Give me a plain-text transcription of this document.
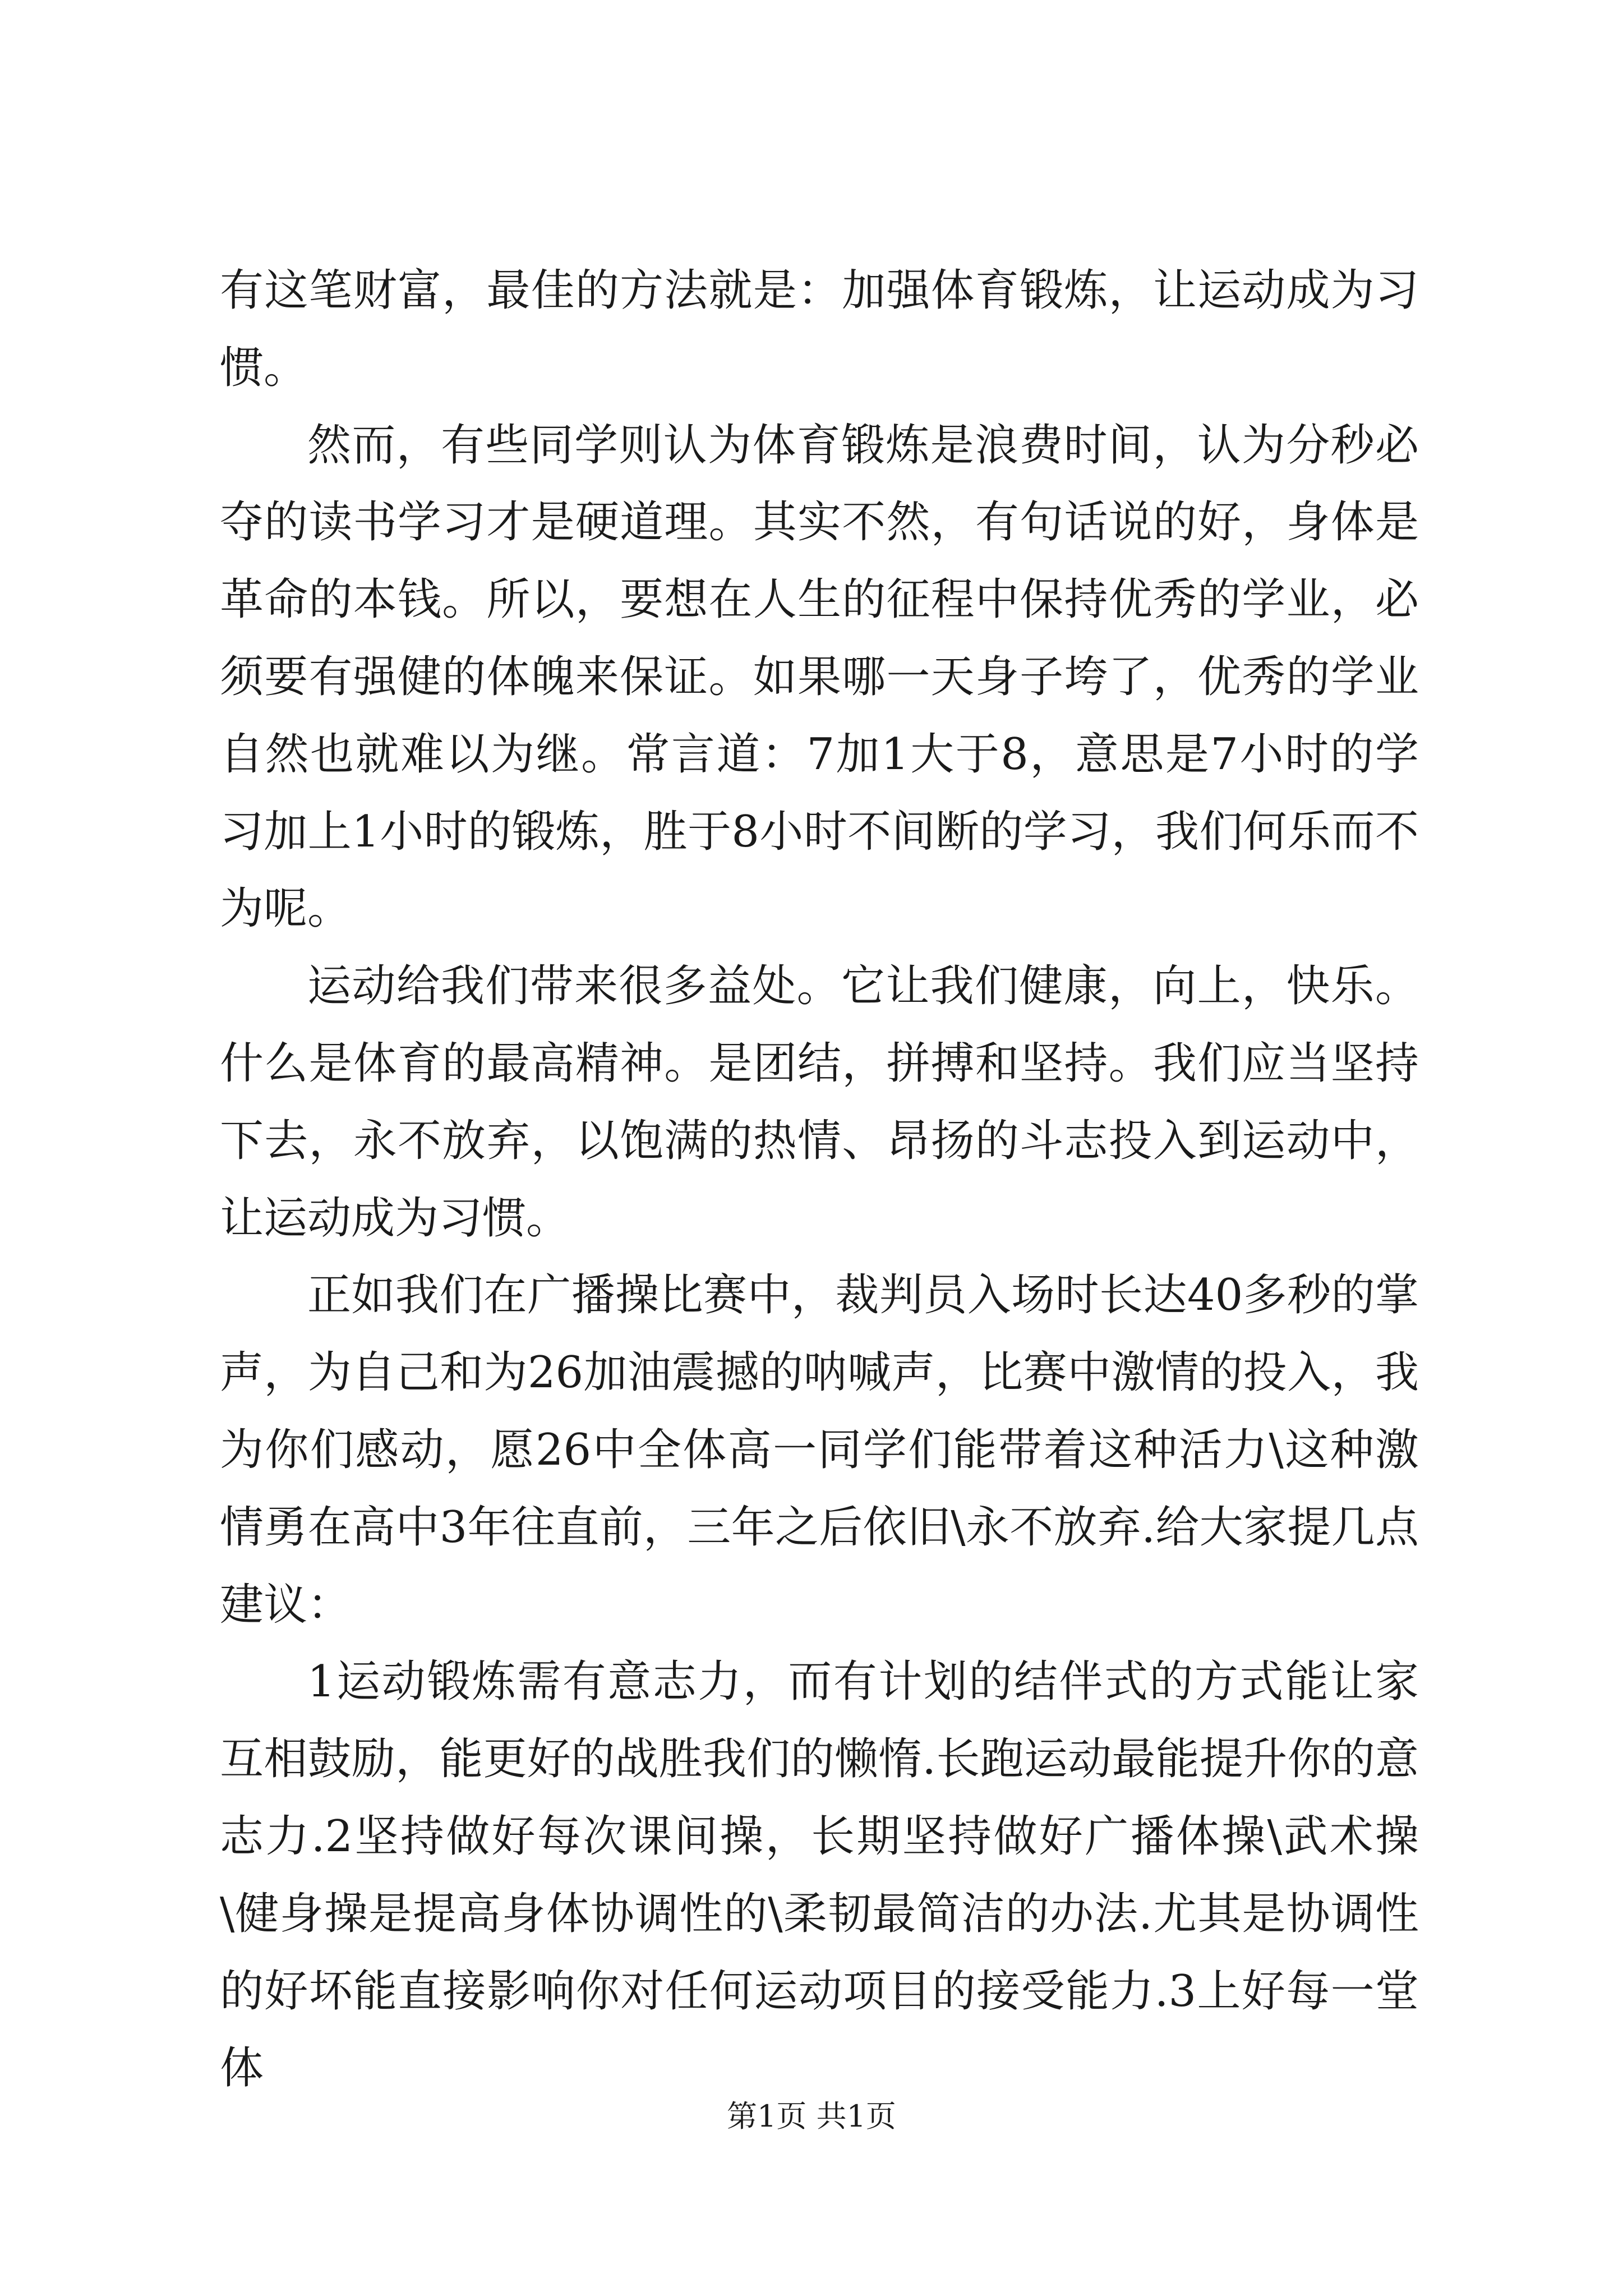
有这笔财富，最佳的方法就是：加强体育锻炼，让运动成为习惯。

然而，有些同学则认为体育锻炼是浪费时间，认为分秒必夺的读书学习才是硬道理。其实不然，有句话说的好，身体是革命的本钱。所以，要想在人生的征程中保持优秀的学业，必须要有强健的体魄来保证。如果哪一天身子垮了，优秀的学业自然也就难以为继。常言道：7加1大于8，意思是7小时的学习加上1小时的锻炼，胜于8小时不间断的学习，我们何乐而不为呢。

运动给我们带来很多益处。它让我们健康，向上，快乐。什么是体育的最高精神。是团结，拼搏和坚持。我们应当坚持下去，永不放弃，以饱满的热情、昂扬的斗志投入到运动中，让运动成为习惯。

正如我们在广播操比赛中，裁判员入场时长达40多秒的掌声，为自己和为26加油震撼的呐喊声，比赛中激情的投入，我为你们感动，愿26中全体高一同学们能带着这种活力\这种激情勇在高中3年往直前，三年之后依旧\永不放弃.给大家提几点建议：

1运动锻炼需有意志力，而有计划的结伴式的方式能让家互相鼓励，能更好的战胜我们的懒惰.长跑运动最能提升你的意志力.2坚持做好每次课间操，长期坚持做好广播体操\武术操\健身操是提高身体协调性的\柔韧最简洁的办法.尤其是协调性的好坏能直接影响你对任何运动项目的接受能力.3上好每一堂体

第1页 共1页
